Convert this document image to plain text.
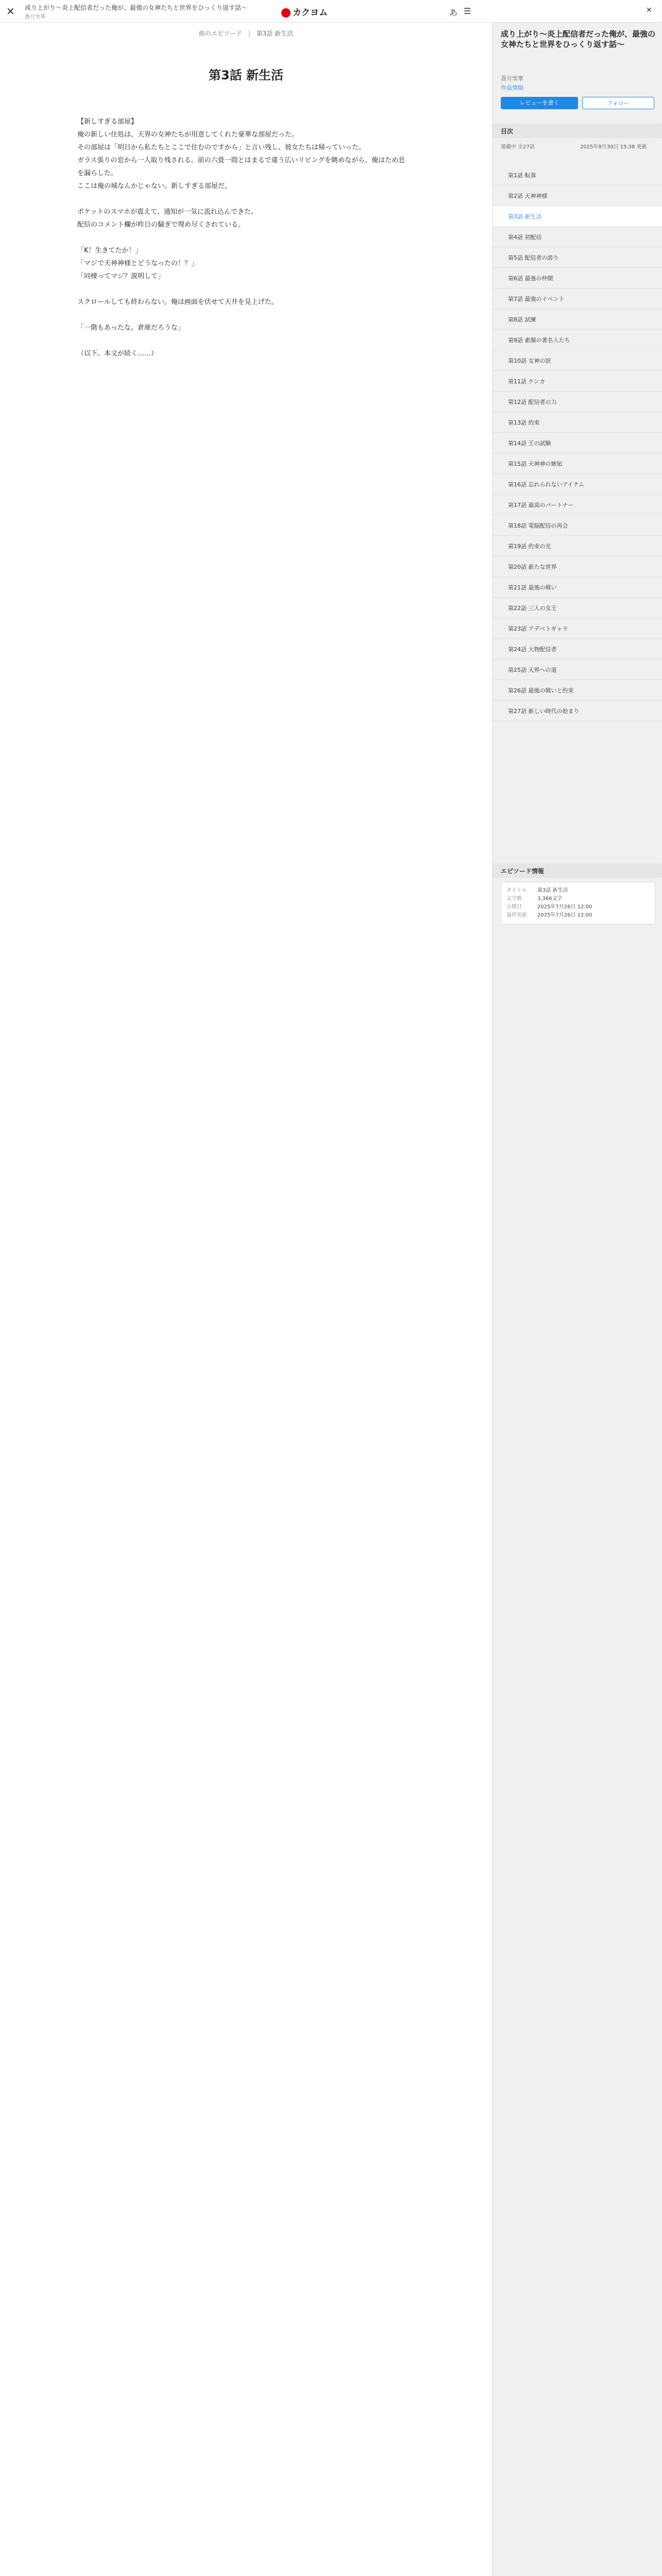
✕ 成り上がり〜炎上配信者だった俺が、最強の女神たちと世界をひっくり返す話〜
蒼月雪華	カクヨム	あ ☰	✕
前のエピソード | 第3話 新生活
第3話 新生活

【新しすぎる部屋】

俺の新しい住処は、天界の女神たちが用意してくれた豪華な部屋だった。

その部屋は「明日から私たちとここで住むのですから」と言い残し、彼女たちは帰っていった。

ガラス張りの窓から一人取り残される。前の六畳一間とはまるで違う広いリビングを眺めながら、俺はため息を漏らした。

ここは俺の城なんかじゃない。新しすぎる部屋だ。

ポケットのスマホが震えて、通知が一気に流れ込んできた。

配信のコメント欄が昨日の騒ぎで埋め尽くされている。

「K！生きてたか！」

「マジで天神神様とどうなったの！？」

「同棲ってマジ？説明して」

スクロールしても終わらない。俺は画面を伏せて天井を見上げた。

「一階もあったな。倉庫だろうな」

（以下、本文が続く……）

成り上がり〜炎上配信者だった俺が、最強の女神たちと世界をひっくり返す話〜
蒼月雪華
作品情報
レビューを書く	フォロー
目次
連載中 全27話	2025年8月30日 15:38 更新
第1話 転落
第2話 天神神様
第3話 新生活
第4話 初配信
第5話 配信者の誇り
第6話 最強の仲間
第7話 最強のイベント
第8話 試練
第9話 素顔の著名人たち
第10話 女神の涙
第11話 ケンカ
第12話 配信者の力
第13話 約束
第14話 王の試験
第15話 天神神の嫉妬
第16話 忘れられないアイテム
第17話 最高のパートナー
第18話 電脳配信の再会
第19話 約束の光
第20話 新たな世界
第21話 最後の戦い
第22話 三人の女王
第23話 アデベトギャラ
第24話 大物配信者
第25話 天界への道
第26話 最後の戦いと約束
第27話 新しい時代の始まり
エピソード情報
タイトル 第3話 新生活
文字数	3,366文字
公開日	2025年7月26日 12:00
最終更新 2025年7月26日 12:00
